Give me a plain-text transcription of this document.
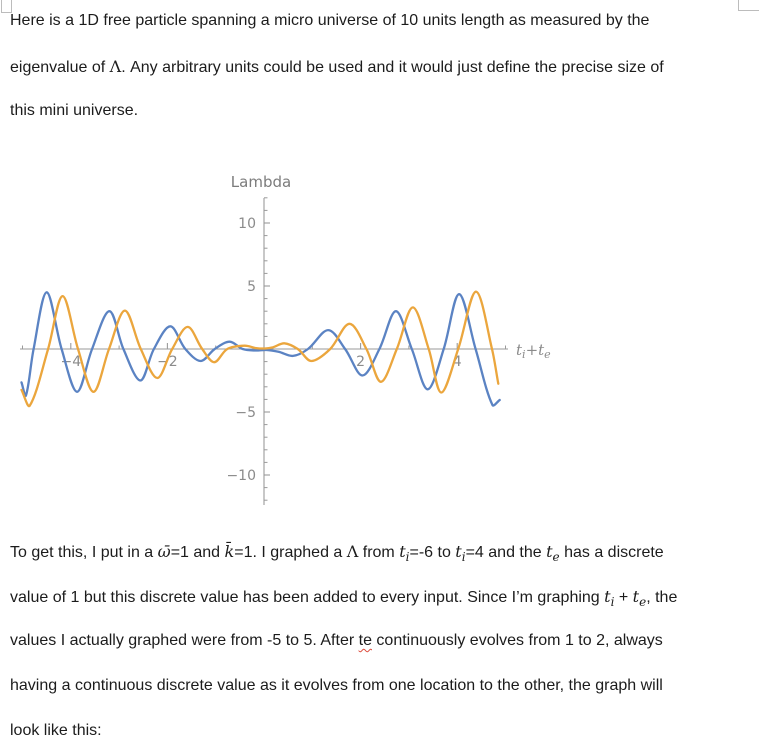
Here is a 1D free particle spanning a micro universe of 10 units length as measured by the
eigenvalue of Λ. Any arbitrary units could be used and it would just define the precise size of
this mini universe.
To get this, I put in a ω̄=1 and k̄=1. I graphed a Λ from $t_i=-6$ to $t_i=4$ and the $t_e$ has a discrete
value of 1 but this discrete value has been added to every input. Since I’m graphing $t_i + t_e$, the
values I actually graphed were from -5 to 5. After te continuously evolves from 1 to 2, always
having a continuous discrete value as it evolves from one location to the other, the graph will
look like this:
−4	−2	2	4
−10
−5
5
10
Lambda
$t_i+t_e$
